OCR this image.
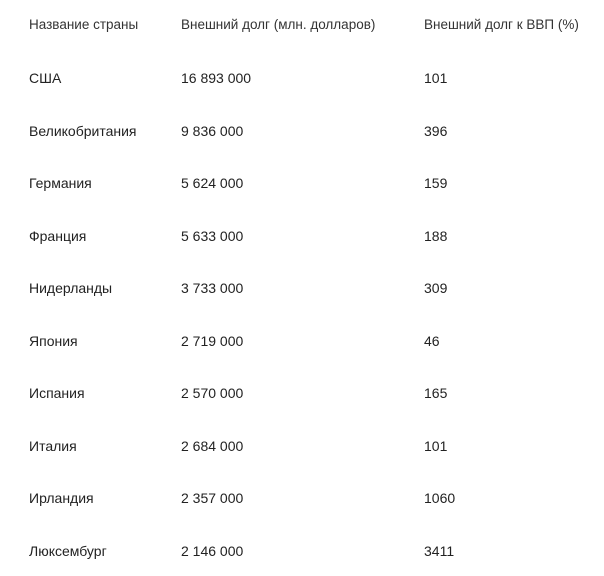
Название страны	Внешний долг (млн. долларов)	Внешний долг к ВВП (%)
США	16 893 000	101
Великобритания	9 836 000	396
Германия	5 624 000	159
Франция	5 633 000	188
Нидерланды	3 733 000	309
Япония	2 719 000	46
Испания	2 570 000	165
Италия	2 684 000	101
Ирландия	2 357 000	1060
Люксембург	2 146 000	3411
